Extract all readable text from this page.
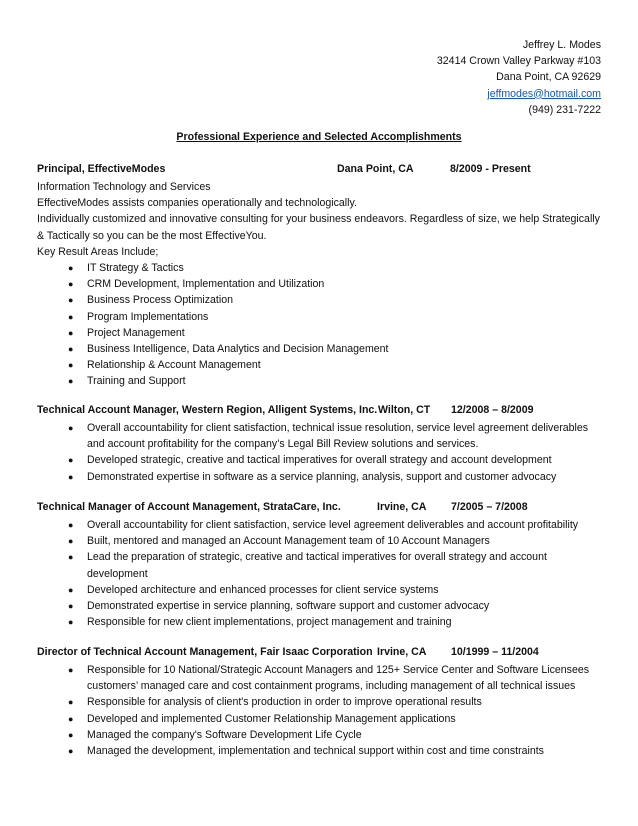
Jeffrey L. Modes
32414 Crown Valley Parkway #103
Dana Point, CA 92629
jeffmodes@hotmail.com
(949) 231-7222
Professional Experience and Selected Accomplishments
Principal, EffectiveModes	Dana Point, CA	8/2009 - Present
Information Technology and Services
EffectiveModes assists companies operationally and technologically.
Individually customized and innovative consulting for your business endeavors. Regardless of size, we help Strategically & Tactically so you can be the most EffectiveYou.
Key Result Areas Include;
● IT Strategy & Tactics
● CRM Development, Implementation and Utilization
● Business Process Optimization
● Program Implementations
● Project Management
● Business Intelligence, Data Analytics and Decision Management
● Relationship & Account Management
● Training and Support
Technical Account Manager, Western Region, Alligent Systems, Inc. Wilton, CT 12/2008 – 8/2009
● Overall accountability for client satisfaction, technical issue resolution, service level agreement deliverables and account profitability for the company’s Legal Bill Review solutions and services.
● Developed strategic, creative and tactical imperatives for overall strategy and account development
● Demonstrated expertise in software as a service planning, analysis, support and customer advocacy
Technical Manager of Account Management, StrataCare, Inc.	Irvine, CA 7/2005 – 7/2008
● Overall accountability for client satisfaction, service level agreement deliverables and account profitability
● Built, mentored and managed an Account Management team of 10 Account Managers
● Lead the preparation of strategic, creative and tactical imperatives for overall strategy and account development
● Developed architecture and enhanced processes for client service systems
● Demonstrated expertise in service planning, software support and customer advocacy
● Responsible for new client implementations, project management and training
Director of Technical Account Management, Fair Isaac Corporation Irvine, CA 10/1999 – 11/2004
● Responsible for 10 National/Strategic Account Managers and 125+ Service Center and Software Licensees customers’ managed care and cost containment programs, including management of all technical issues
● Responsible for analysis of client's production in order to improve operational results
● Developed and implemented Customer Relationship Management applications
● Managed the company's Software Development Life Cycle
● Managed the development, implementation and technical support within cost and time constraints
